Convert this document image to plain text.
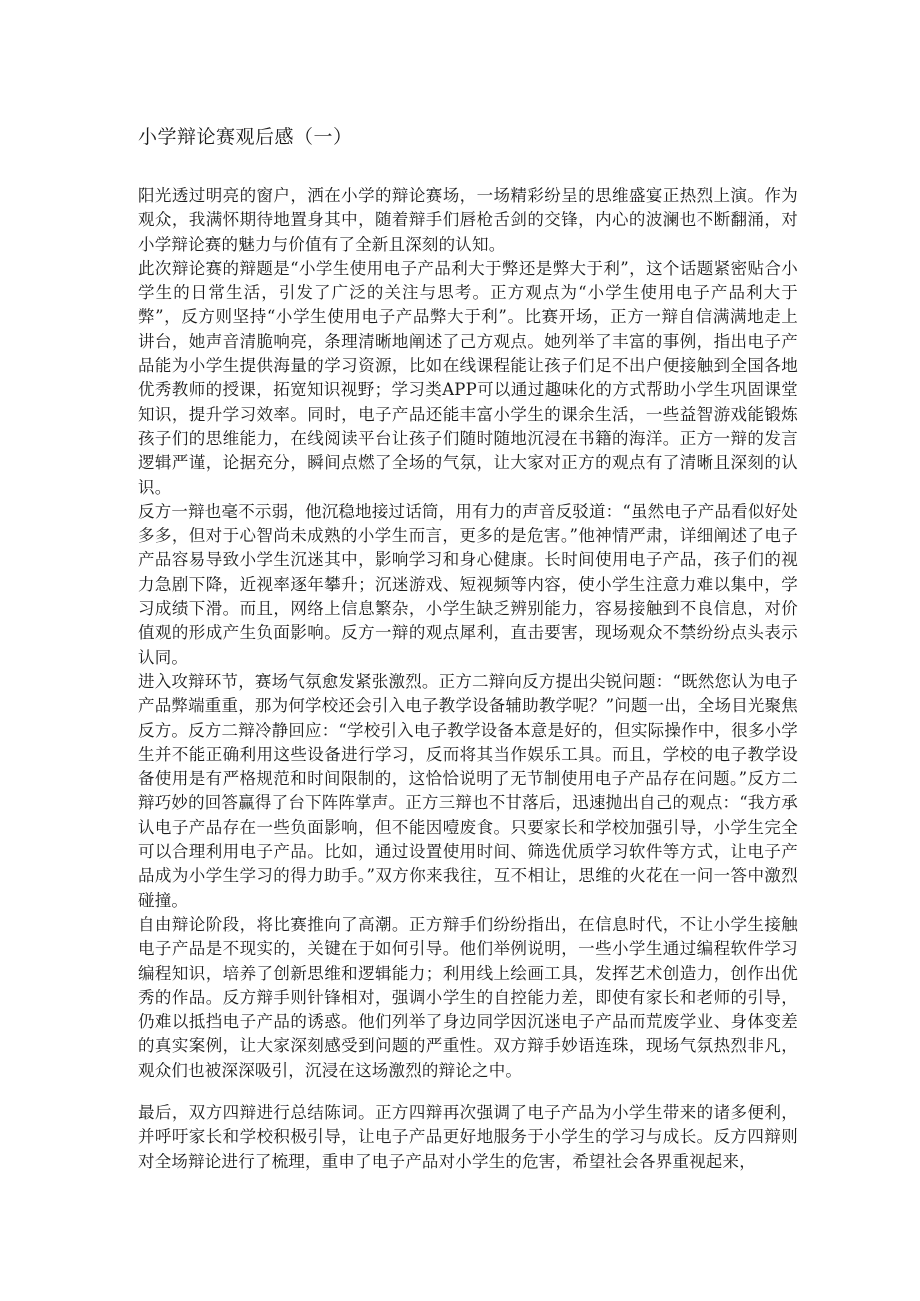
小学辩论赛观后感（一）

阳光透过明亮的窗户，洒在小学的辩论赛场，一场精彩纷呈的思维盛宴正热烈上演。作为观众，我满怀期待地置身其中，随着辩手们唇枪舌剑的交锋，内心的波澜也不断翻涌，对小学辩论赛的魅力与价值有了全新且深刻的认知。

此次辩论赛的辩题是“小学生使用电子产品利大于弊还是弊大于利”，这个话题紧密贴合小学生的日常生活，引发了广泛的关注与思考。正方观点为“小学生使用电子产品利大于弊”，反方则坚持“小学生使用电子产品弊大于利”。比赛开场，正方一辩自信满满地走上讲台，她声音清脆响亮，条理清晰地阐述了己方观点。她列举了丰富的事例，指出电子产品能为小学生提供海量的学习资源，比如在线课程能让孩子们足不出户便接触到全国各地优秀教师的授课，拓宽知识视野；学习类APP可以通过趣味化的方式帮助小学生巩固课堂知识，提升学习效率。同时，电子产品还能丰富小学生的课余生活，一些益智游戏能锻炼孩子们的思维能力，在线阅读平台让孩子们随时随地沉浸在书籍的海洋。正方一辩的发言逻辑严谨，论据充分，瞬间点燃了全场的气氛，让大家对正方的观点有了清晰且深刻的认识。

反方一辩也毫不示弱，他沉稳地接过话筒，用有力的声音反驳道：“虽然电子产品看似好处多多，但对于心智尚未成熟的小学生而言，更多的是危害。”他神情严肃，详细阐述了电子产品容易导致小学生沉迷其中，影响学习和身心健康。长时间使用电子产品，孩子们的视力急剧下降，近视率逐年攀升；沉迷游戏、短视频等内容，使小学生注意力难以集中，学习成绩下滑。而且，网络上信息繁杂，小学生缺乏辨别能力，容易接触到不良信息，对价值观的形成产生负面影响。反方一辩的观点犀利，直击要害，现场观众不禁纷纷点头表示认同。

进入攻辩环节，赛场气氛愈发紧张激烈。正方二辩向反方提出尖锐问题：“既然您认为电子产品弊端重重，那为何学校还会引入电子教学设备辅助教学呢？”问题一出，全场目光聚焦反方。反方二辩冷静回应：“学校引入电子教学设备本意是好的，但实际操作中，很多小学生并不能正确利用这些设备进行学习，反而将其当作娱乐工具。而且，学校的电子教学设备使用是有严格规范和时间限制的，这恰恰说明了无节制使用电子产品存在问题。”反方二辩巧妙的回答赢得了台下阵阵掌声。正方三辩也不甘落后，迅速抛出自己的观点：“我方承认电子产品存在一些负面影响，但不能因噎废食。只要家长和学校加强引导，小学生完全可以合理利用电子产品。比如，通过设置使用时间、筛选优质学习软件等方式，让电子产品成为小学生学习的得力助手。”双方你来我往，互不相让，思维的火花在一问一答中激烈碰撞。

自由辩论阶段，将比赛推向了高潮。正方辩手们纷纷指出，在信息时代，不让小学生接触电子产品是不现实的，关键在于如何引导。他们举例说明，一些小学生通过编程软件学习编程知识，培养了创新思维和逻辑能力；利用线上绘画工具，发挥艺术创造力，创作出优秀的作品。反方辩手则针锋相对，强调小学生的自控能力差，即使有家长和老师的引导，仍难以抵挡电子产品的诱惑。他们列举了身边同学因沉迷电子产品而荒废学业、身体变差的真实案例，让大家深刻感受到问题的严重性。双方辩手妙语连珠，现场气氛热烈非凡，观众们也被深深吸引，沉浸在这场激烈的辩论之中。

最后，双方四辩进行总结陈词。正方四辩再次强调了电子产品为小学生带来的诸多便利，并呼吁家长和学校积极引导，让电子产品更好地服务于小学生的学习与成长。反方四辩则对全场辩论进行了梳理，重申了电子产品对小学生的危害，希望社会各界重视起来，
